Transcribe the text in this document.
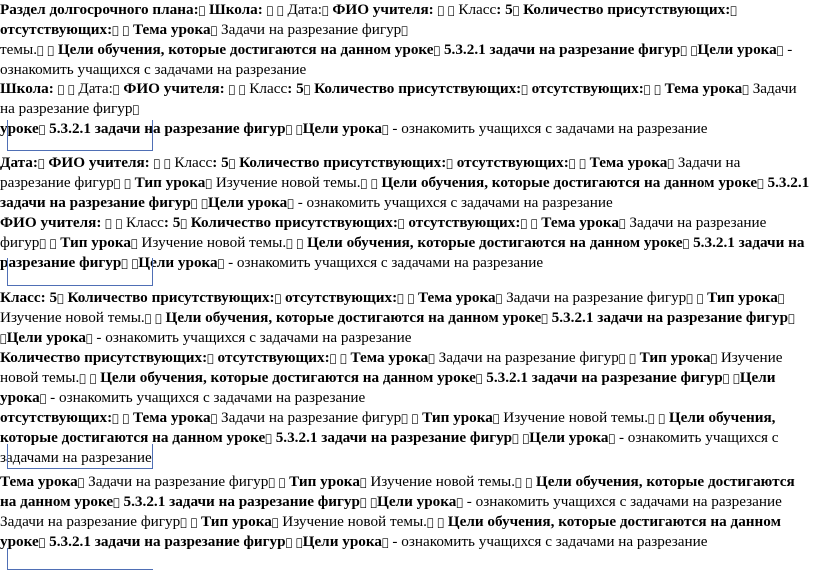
Раздел долгосрочного плана: Школа: Дата: ФИО учителя: Класс: 5 Количество присутствующих: отсутствующих: Тема урока Задачи на разрезание фигур
темы. Цели обучения, которые достигаются на данном уроке 5.3.2.1 задачи на разрезание фигур Цели урока - ознакомить учащихся с задачами на разрезание

Школа: Дата: ФИО учителя: Класс: 5 Количество присутствующих: отсутствующих: Тема урока Задачи на разрезание фигур
уроке 5.3.2.1 задачи на разрезание фигур Цели урока - ознакомить учащихся с задачами на разрезание

Дата: ФИО учителя: Класс: 5 Количество присутствующих: отсутствующих: Тема урока Задачи на разрезание фигур Тип урока Изучение новой темы. Цели обучения, которые достигаются на данном уроке 5.3.2.1 задачи на разрезание фигур Цели урока - ознакомить учащихся с задачами на разрезание

ФИО учителя: Класс: 5 Количество присутствующих: отсутствующих: Тема урока Задачи на разрезание фигур Тип урока Изучение новой темы. Цели обучения, которые достигаются на данном уроке 5.3.2.1 задачи на разрезание фигур Цели урока - ознакомить учащихся с задачами на разрезание

Класс: 5 Количество присутствующих: отсутствующих: Тема урока Задачи на разрезание фигур Тип урока Изучение новой темы. Цели обучения, которые достигаются на данном уроке 5.3.2.1 задачи на разрезание фигур Цели урока - ознакомить учащихся с задачами на разрезание

Количество присутствующих: отсутствующих: Тема урока Задачи на разрезание фигур Тип урока Изучение новой темы. Цели обучения, которые достигаются на данном уроке 5.3.2.1 задачи на разрезание фигур Цели урока - ознакомить учащихся с задачами на разрезание

отсутствующих: Тема урока Задачи на разрезание фигур Тип урока Изучение новой темы. Цели обучения, которые достигаются на данном уроке 5.3.2.1 задачи на разрезание фигур Цели урока - ознакомить учащихся с задачами на разрезание

Тема урока Задачи на разрезание фигур Тип урока Изучение новой темы. Цели обучения, которые достигаются на данном уроке 5.3.2.1 задачи на разрезание фигур Цели урока - ознакомить учащихся с задачами на разрезание

Задачи на разрезание фигур Тип урока Изучение новой темы. Цели обучения, которые достигаются на данном уроке 5.3.2.1 задачи на разрезание фигур Цели урока - ознакомить учащихся с задачами на разрезание
